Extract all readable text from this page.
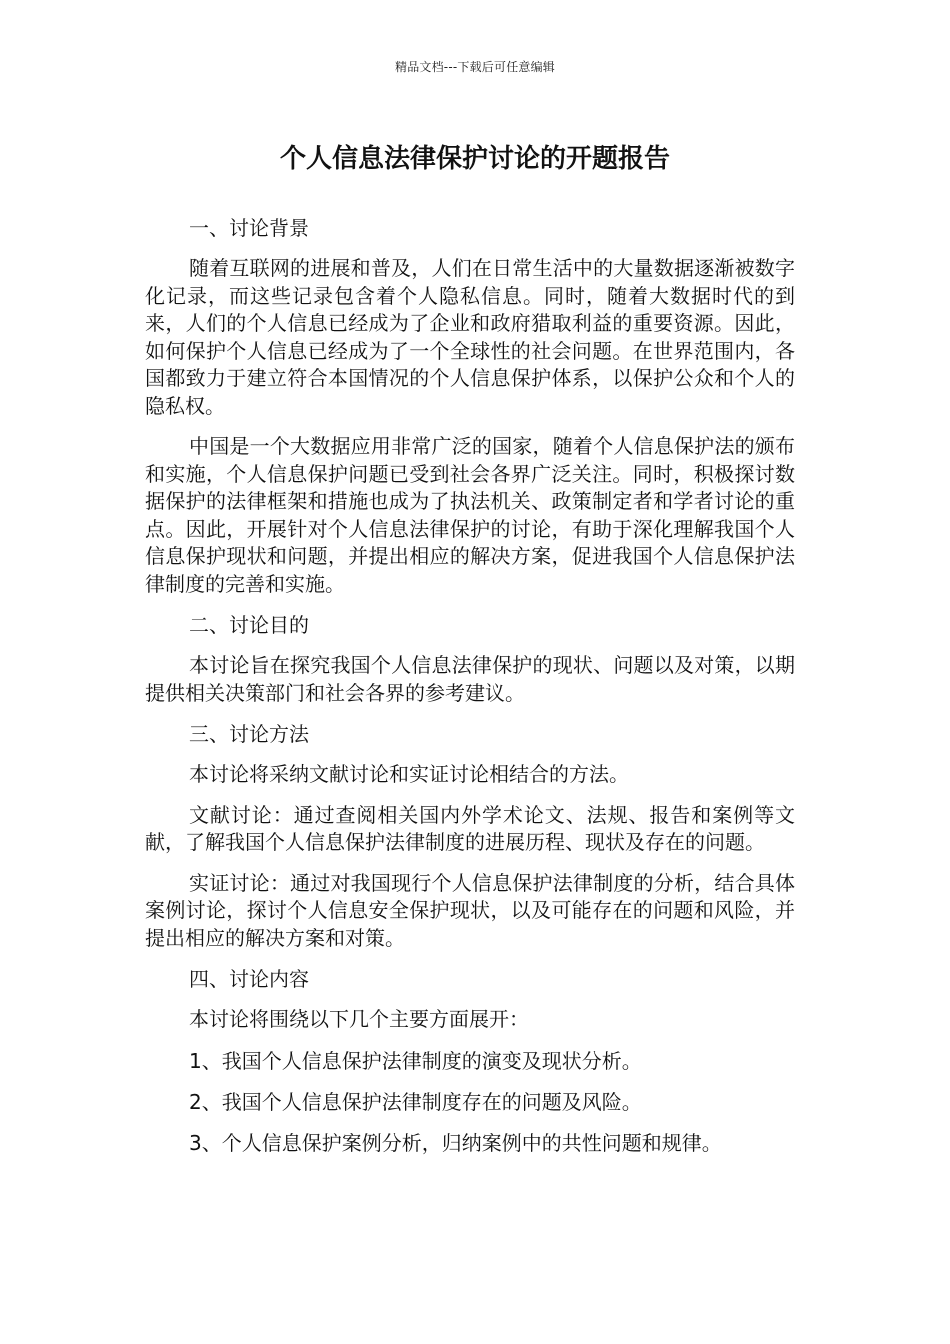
精品文档---下载后可任意编辑
个人信息法律保护讨论的开题报告
一、讨论背景

随着互联网的进展和普及，人们在日常生活中的大量数据逐渐被数字化记录，而这些记录包含着个人隐私信息。同时，随着大数据时代的到来，人们的个人信息已经成为了企业和政府猎取利益的重要资源。因此，如何保护个人信息已经成为了一个全球性的社会问题。在世界范围内，各国都致力于建立符合本国情况的个人信息保护体系，以保护公众和个人的隐私权。

中国是一个大数据应用非常广泛的国家，随着个人信息保护法的颁布和实施，个人信息保护问题已受到社会各界广泛关注。同时，积极探讨数据保护的法律框架和措施也成为了执法机关、政策制定者和学者讨论的重点。因此，开展针对个人信息法律保护的讨论，有助于深化理解我国个人信息保护现状和问题，并提出相应的解决方案，促进我国个人信息保护法律制度的完善和实施。

二、讨论目的

本讨论旨在探究我国个人信息法律保护的现状、问题以及对策，以期提供相关决策部门和社会各界的参考建议。

三、讨论方法

本讨论将采纳文献讨论和实证讨论相结合的方法。

文献讨论：通过查阅相关国内外学术论文、法规、报告和案例等文献，了解我国个人信息保护法律制度的进展历程、现状及存在的问题。

实证讨论：通过对我国现行个人信息保护法律制度的分析，结合具体案例讨论，探讨个人信息安全保护现状，以及可能存在的问题和风险，并提出相应的解决方案和对策。

四、讨论内容

本讨论将围绕以下几个主要方面展开：

1、我国个人信息保护法律制度的演变及现状分析。
2、我国个人信息保护法律制度存在的问题及风险。
3、个人信息保护案例分析，归纳案例中的共性问题和规律。
